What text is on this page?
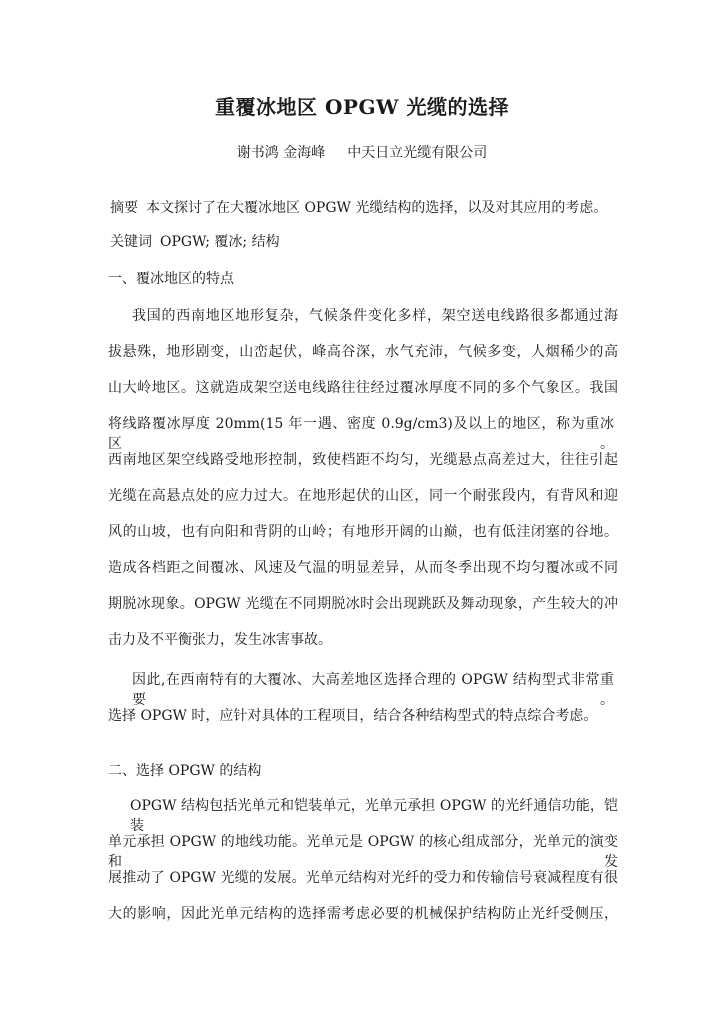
重覆冰地区 OPGW 光缆的选择
谢书鸿 金海峰 中天日立光缆有限公司
摘要 本文探讨了在大覆冰地区 OPGW 光缆结构的选择，以及对其应用的考虑。
关键词 OPGW; 覆冰; 结构
一、覆冰地区的特点
我国的西南地区地形复杂，气候条件变化多样，架空送电线路很多都通过海
拔悬殊，地形剧变，山峦起伏，峰高谷深，水气充沛，气候多变，人烟稀少的高
山大岭地区。这就造成架空送电线路往往经过覆冰厚度不同的多个气象区。我国
将线路覆冰厚度 20mm(15 年一遇、密度 0.9g/cm3)及以上的地区，称为重冰区。
西南地区架空线路受地形控制，致使档距不均匀，光缆悬点高差过大，往往引起
光缆在高悬点处的应力过大。在地形起伏的山区，同一个耐张段内，有背风和迎
风的山坡，也有向阳和背阴的山岭；有地形开阔的山巅，也有低洼闭塞的谷地。
造成各档距之间覆冰、风速及气温的明显差异，从而冬季出现不均匀覆冰或不同
期脱冰现象。OPGW 光缆在不同期脱冰时会出现跳跃及舞动现象，产生较大的冲
击力及不平衡张力，发生冰害事故。
因此,在西南特有的大覆冰、大高差地区选择合理的 OPGW 结构型式非常重要。
选择 OPGW 时，应针对具体的工程项目，结合各种结构型式的特点综合考虑。
二、选择 OPGW 的结构
OPGW 结构包括光单元和铠装单元，光单元承担 OPGW 的光纤通信功能，铠装
单元承担 OPGW 的地线功能。光单元是 OPGW 的核心组成部分，光单元的演变和发
展推动了 OPGW 光缆的发展。光单元结构对光纤的受力和传输信号衰减程度有很
大的影响，因此光单元结构的选择需考虑必要的机械保护结构防止光纤受侧压，
